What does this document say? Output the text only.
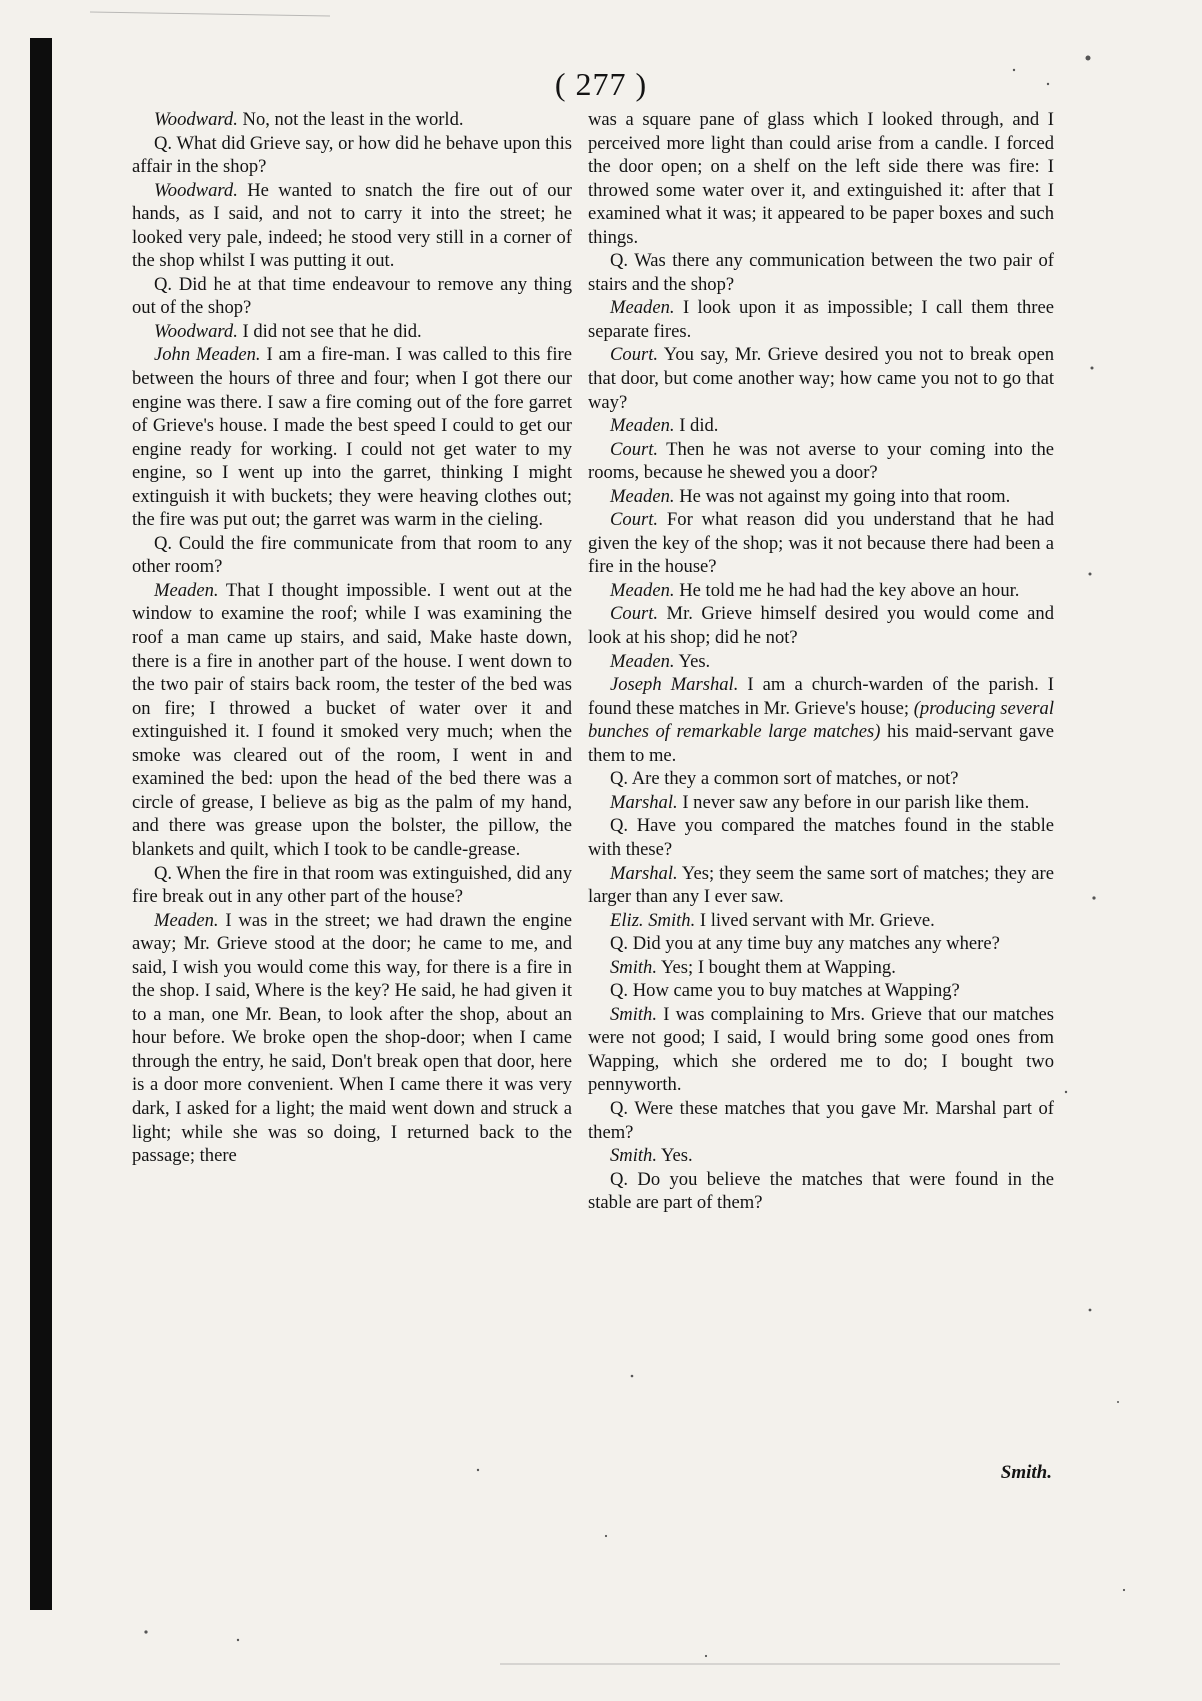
( 277 )

Woodward. No, not the least in the world.

Q. What did Grieve say, or how did he behave upon this affair in the shop?

Woodward. He wanted to snatch the fire out of our hands, as I said, and not to carry it into the street; he looked very pale, indeed; he stood very still in a corner of the shop whilst I was putting it out.

Q. Did he at that time endeavour to remove any thing out of the shop?

Woodward. I did not see that he did.

John Meaden. I am a fire-man. I was called to this fire between the hours of three and four; when I got there our engine was there. I saw a fire coming out of the fore garret of Grieve's house. I made the best speed I could to get our engine ready for working. I could not get water to my engine, so I went up into the garret, thinking I might extinguish it with buckets; they were heaving clothes out; the fire was put out; the garret was warm in the cieling.

Q. Could the fire communicate from that room to any other room?

Meaden. That I thought impossible. I went out at the window to examine the roof; while I was examining the roof a man came up stairs, and said, Make haste down, there is a fire in another part of the house. I went down to the two pair of stairs back room, the tester of the bed was on fire; I throwed a bucket of water over it and extinguished it. I found it smoked very much; when the smoke was cleared out of the room, I went in and examined the bed: upon the head of the bed there was a circle of grease, I believe as big as the palm of my hand, and there was grease upon the bolster, the pillow, the blankets and quilt, which I took to be candle-grease.

Q. When the fire in that room was extinguished, did any fire break out in any other part of the house?

Meaden. I was in the street; we had drawn the engine away; Mr. Grieve stood at the door; he came to me, and said, I wish you would come this way, for there is a fire in the shop. I said, Where is the key? He said, he had given it to a man, one Mr. Bean, to look after the shop, about an hour before. We broke open the shop-door; when I came through the entry, he said, Don't break open that door, here is a door more convenient. When I came there it was very dark, I asked for a light; the maid went down and struck a light; while she was so doing, I returned back to the passage; there

was a square pane of glass which I looked through, and I perceived more light than could arise from a candle. I forced the door open; on a shelf on the left side there was fire: I throwed some water over it, and extinguished it: after that I examined what it was; it appeared to be paper boxes and such things.

Q. Was there any communication between the two pair of stairs and the shop?

Meaden. I look upon it as impossible; I call them three separate fires.

Court. You say, Mr. Grieve desired you not to break open that door, but come another way; how came you not to go that way?

Meaden. I did.

Court. Then he was not averse to your coming into the rooms, because he shewed you a door?

Meaden. He was not against my going into that room.

Court. For what reason did you understand that he had given the key of the shop; was it not because there had been a fire in the house?

Meaden. He told me he had had the key above an hour.

Court. Mr. Grieve himself desired you would come and look at his shop; did he not?

Meaden. Yes.

Joseph Marshal. I am a church-warden of the parish. I found these matches in Mr. Grieve's house; (producing several bunches of remarkable large matches) his maid-servant gave them to me.

Q. Are they a common sort of matches, or not?

Marshal. I never saw any before in our parish like them.

Q. Have you compared the matches found in the stable with these?

Marshal. Yes; they seem the same sort of matches; they are larger than any I ever saw.

Eliz. Smith. I lived servant with Mr. Grieve.

Q. Did you at any time buy any matches any where?

Smith. Yes; I bought them at Wapping.

Q. How came you to buy matches at Wapping?

Smith. I was complaining to Mrs. Grieve that our matches were not good; I said, I would bring some good ones from Wapping, which she ordered me to do; I bought two pennyworth.

Q. Were these matches that you gave Mr. Marshal part of them?

Smith. Yes.

Q. Do you believe the matches that were found in the stable are part of them?

Smith.
